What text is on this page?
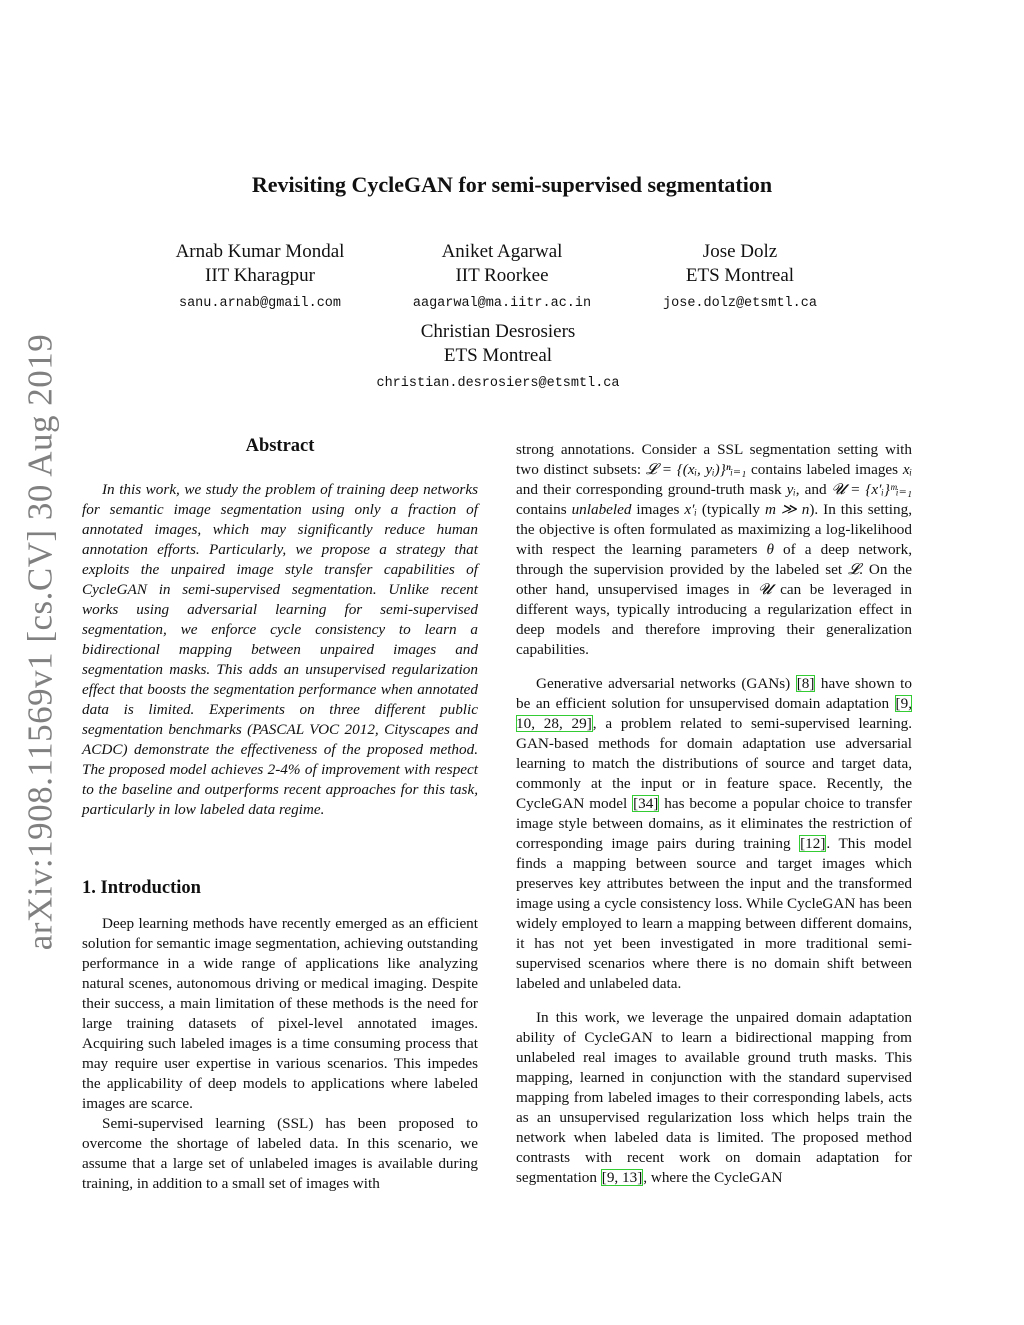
arXiv:1908.11569v1 [cs.CV] 30 Aug 2019
Revisiting CycleGAN for semi-supervised segmentation
Arnab Kumar Mondal
IIT Kharagpur
sanu.arnab@gmail.com
Aniket Agarwal
IIT Roorkee
aagarwal@ma.iitr.ac.in
Jose Dolz
ETS Montreal
jose.dolz@etsmtl.ca
Christian Desrosiers
ETS Montreal
christian.desrosiers@etsmtl.ca
Abstract

In this work, we study the problem of training deep networks for semantic image segmentation using only a fraction of annotated images, which may significantly reduce human annotation efforts. Particularly, we propose a strategy that exploits the unpaired image style transfer capabilities of CycleGAN in semi-supervised segmentation. Unlike recent works using adversarial learning for semi-supervised segmentation, we enforce cycle consistency to learn a bidirectional mapping between unpaired images and segmentation masks. This adds an unsupervised regularization effect that boosts the segmentation performance when annotated data is limited. Experiments on three different public segmentation benchmarks (PASCAL VOC 2012, Cityscapes and ACDC) demonstrate the effectiveness of the proposed method. The proposed model achieves 2-4% of improvement with respect to the baseline and outperforms recent approaches for this task, particularly in low labeled data regime.

1. Introduction

Deep learning methods have recently emerged as an efficient solution for semantic image segmentation, achieving outstanding performance in a wide range of applications like analyzing natural scenes, autonomous driving or medical imaging. Despite their success, a main limitation of these methods is the need for large training datasets of pixel-level annotated images. Acquiring such labeled images is a time consuming process that may require user expertise in various scenarios. This impedes the applicability of deep models to applications where labeled images are scarce.

Semi-supervised learning (SSL) has been proposed to overcome the shortage of labeled data. In this scenario, we assume that a large set of unlabeled images is available during training, in addition to a small set of images with

strong annotations. Consider a SSL segmentation setting with two distinct subsets: 𝓛 = {(xᵢ, yᵢ)}ⁿᵢ₌₁ contains labeled images xᵢ and their corresponding ground-truth mask yᵢ, and 𝓤 = {x′ᵢ}ᵐᵢ₌₁ contains unlabeled images x′ᵢ (typically m ≫ n). In this setting, the objective is often formulated as maximizing a log-likelihood with respect the learning parameters θ of a deep network, through the supervision provided by the labeled set 𝓛. On the other hand, unsupervised images in 𝓤 can be leveraged in different ways, typically introducing a regularization effect in deep models and therefore improving their generalization capabilities.

Generative adversarial networks (GANs) [8] have shown to be an efficient solution for unsupervised domain adaptation [9, 10, 28, 29], a problem related to semi-supervised learning. GAN-based methods for domain adaptation use adversarial learning to match the distributions of source and target data, commonly at the input or in feature space. Recently, the CycleGAN model [34] has become a popular choice to transfer image style between domains, as it eliminates the restriction of corresponding image pairs during training [12]. This model finds a mapping between source and target images which preserves key attributes between the input and the transformed image using a cycle consistency loss. While CycleGAN has been widely employed to learn a mapping between different domains, it has not yet been investigated in more traditional semi-supervised scenarios where there is no domain shift between labeled and unlabeled data.

In this work, we leverage the unpaired domain adaptation ability of CycleGAN to learn a bidirectional mapping from unlabeled real images to available ground truth masks. This mapping, learned in conjunction with the standard supervised mapping from labeled images to their corresponding labels, acts as an unsupervised regularization loss which helps train the network when labeled data is limited. The proposed method contrasts with recent work on domain adaptation for segmentation [9, 13], where the CycleGAN
